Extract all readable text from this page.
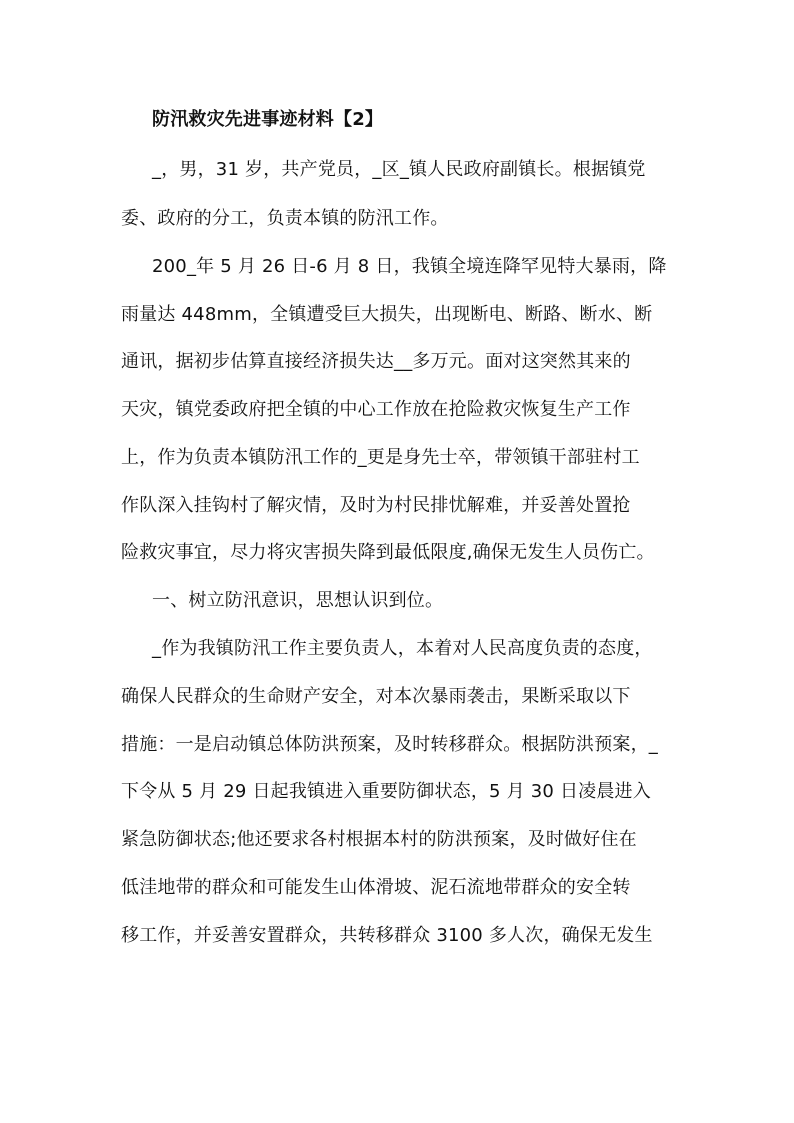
防汛救灾先进事迹材料【2】
_，男，31 岁，共产党员，_区_镇人民政府副镇长。根据镇党
委、政府的分工，负责本镇的防汛工作。
200_年 5 月 26 日-6 月 8 日，我镇全境连降罕见特大暴雨，降
雨量达 448mm，全镇遭受巨大损失，出现断电、断路、断水、断
通讯，据初步估算直接经济损失达__多万元。面对这突然其来的
天灾，镇党委政府把全镇的中心工作放在抢险救灾恢复生产工作
上，作为负责本镇防汛工作的_更是身先士卒，带领镇干部驻村工
作队深入挂钩村了解灾情，及时为村民排忧解难，并妥善处置抢
险救灾事宜，尽力将灾害损失降到最低限度,确保无发生人员伤亡。
一、树立防汛意识，思想认识到位。
_作为我镇防汛工作主要负责人，本着对人民高度负责的态度，
确保人民群众的生命财产安全，对本次暴雨袭击，果断采取以下
措施：一是启动镇总体防洪预案，及时转移群众。根据防洪预案，_
下令从 5 月 29 日起我镇进入重要防御状态，5 月 30 日凌晨进入
紧急防御状态;他还要求各村根据本村的防洪预案，及时做好住在
低洼地带的群众和可能发生山体滑坡、泥石流地带群众的安全转
移工作，并妥善安置群众，共转移群众 3100 多人次，确保无发生
